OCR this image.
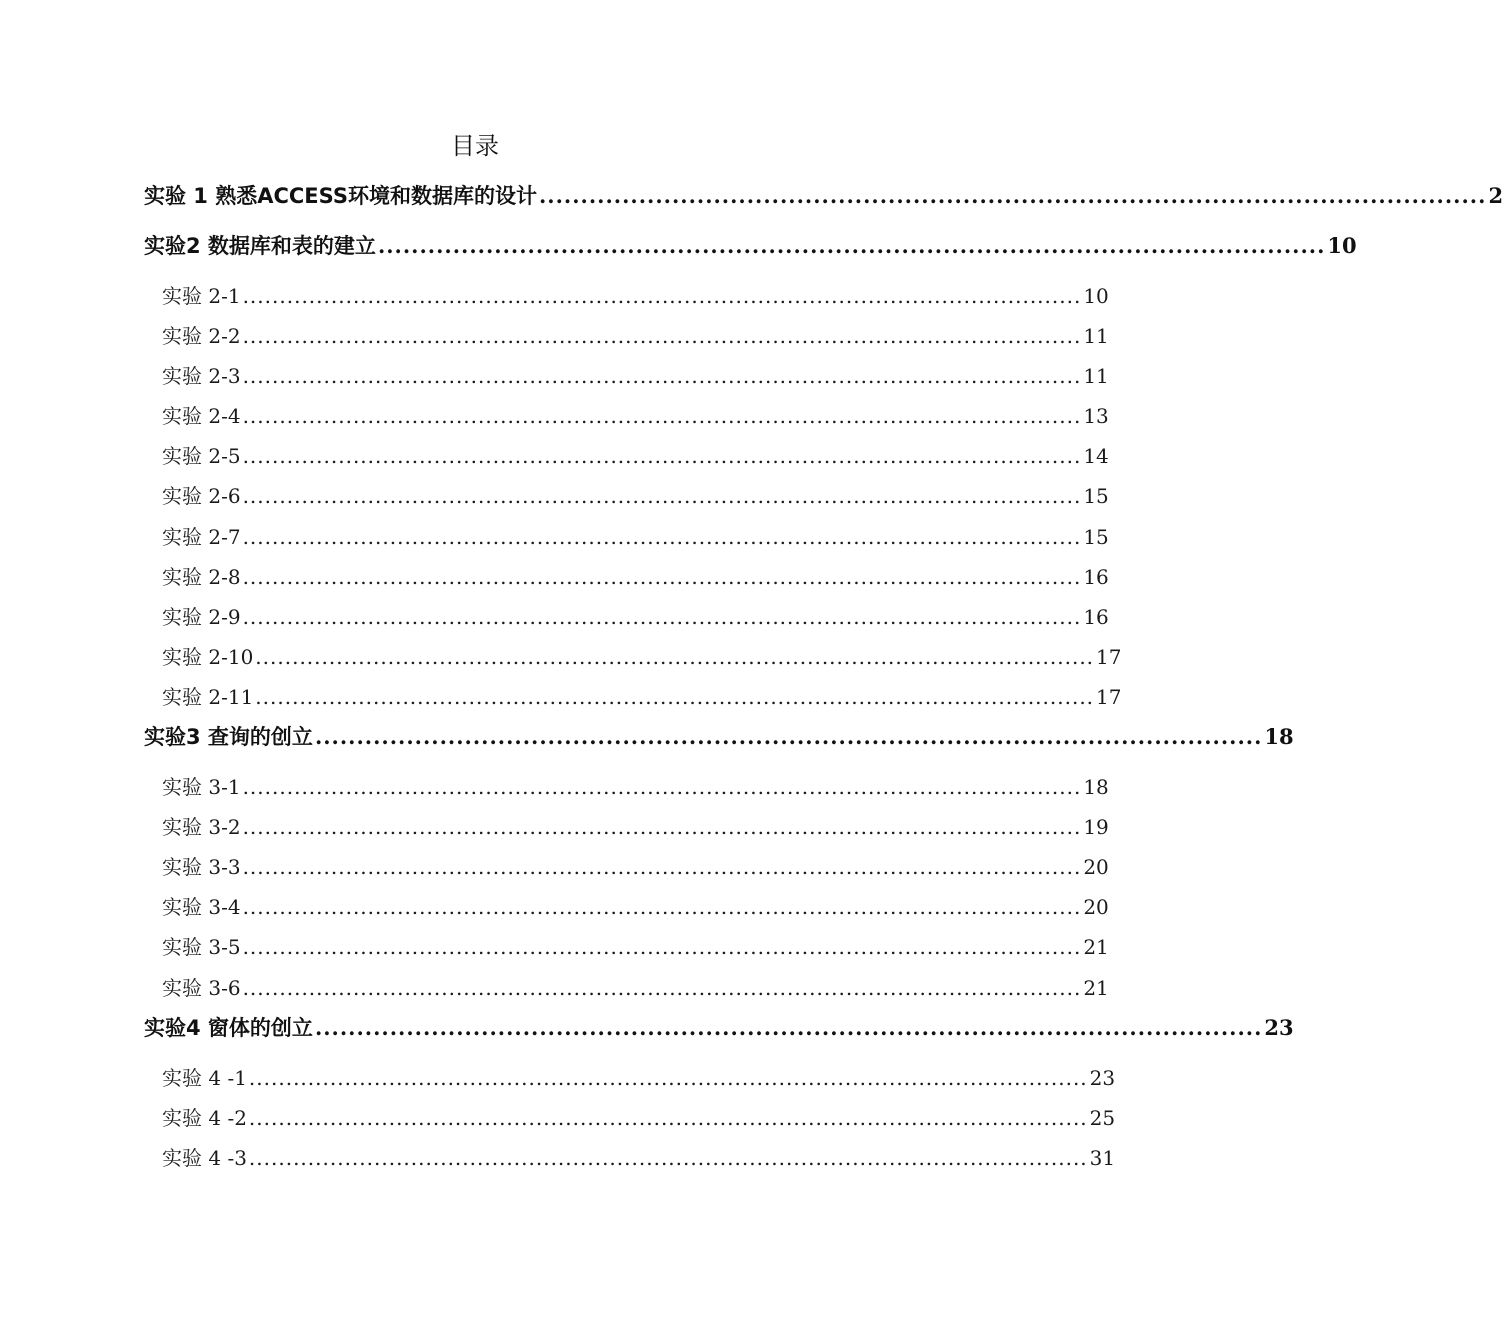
目录
实验 1 熟悉ACCESS环境和数据库的设计 .................................................................................................................. 2
实验2 数据库和表的建立 .................................................................................................................. 10
实验 2-1 .................................................................................................................. 10
实验 2-2 .................................................................................................................. 11
实验 2-3 .................................................................................................................. 11
实验 2-4 .................................................................................................................. 13
实验 2-5 .................................................................................................................. 14
实验 2-6 .................................................................................................................. 15
实验 2-7 .................................................................................................................. 15
实验 2-8 .................................................................................................................. 16
实验 2-9 .................................................................................................................. 16
实验 2-10 .................................................................................................................. 17
实验 2-11 .................................................................................................................. 17
实验3 查询的创立 .................................................................................................................. 18
实验 3-1 .................................................................................................................. 18
实验 3-2 .................................................................................................................. 19
实验 3-3 .................................................................................................................. 20
实验 3-4 .................................................................................................................. 20
实验 3-5 .................................................................................................................. 21
实验 3-6 .................................................................................................................. 21
实验4 窗体的创立 .................................................................................................................. 23
实验 4 -1 .................................................................................................................. 23
实验 4 -2 .................................................................................................................. 25
实验 4 -3 .................................................................................................................. 31
